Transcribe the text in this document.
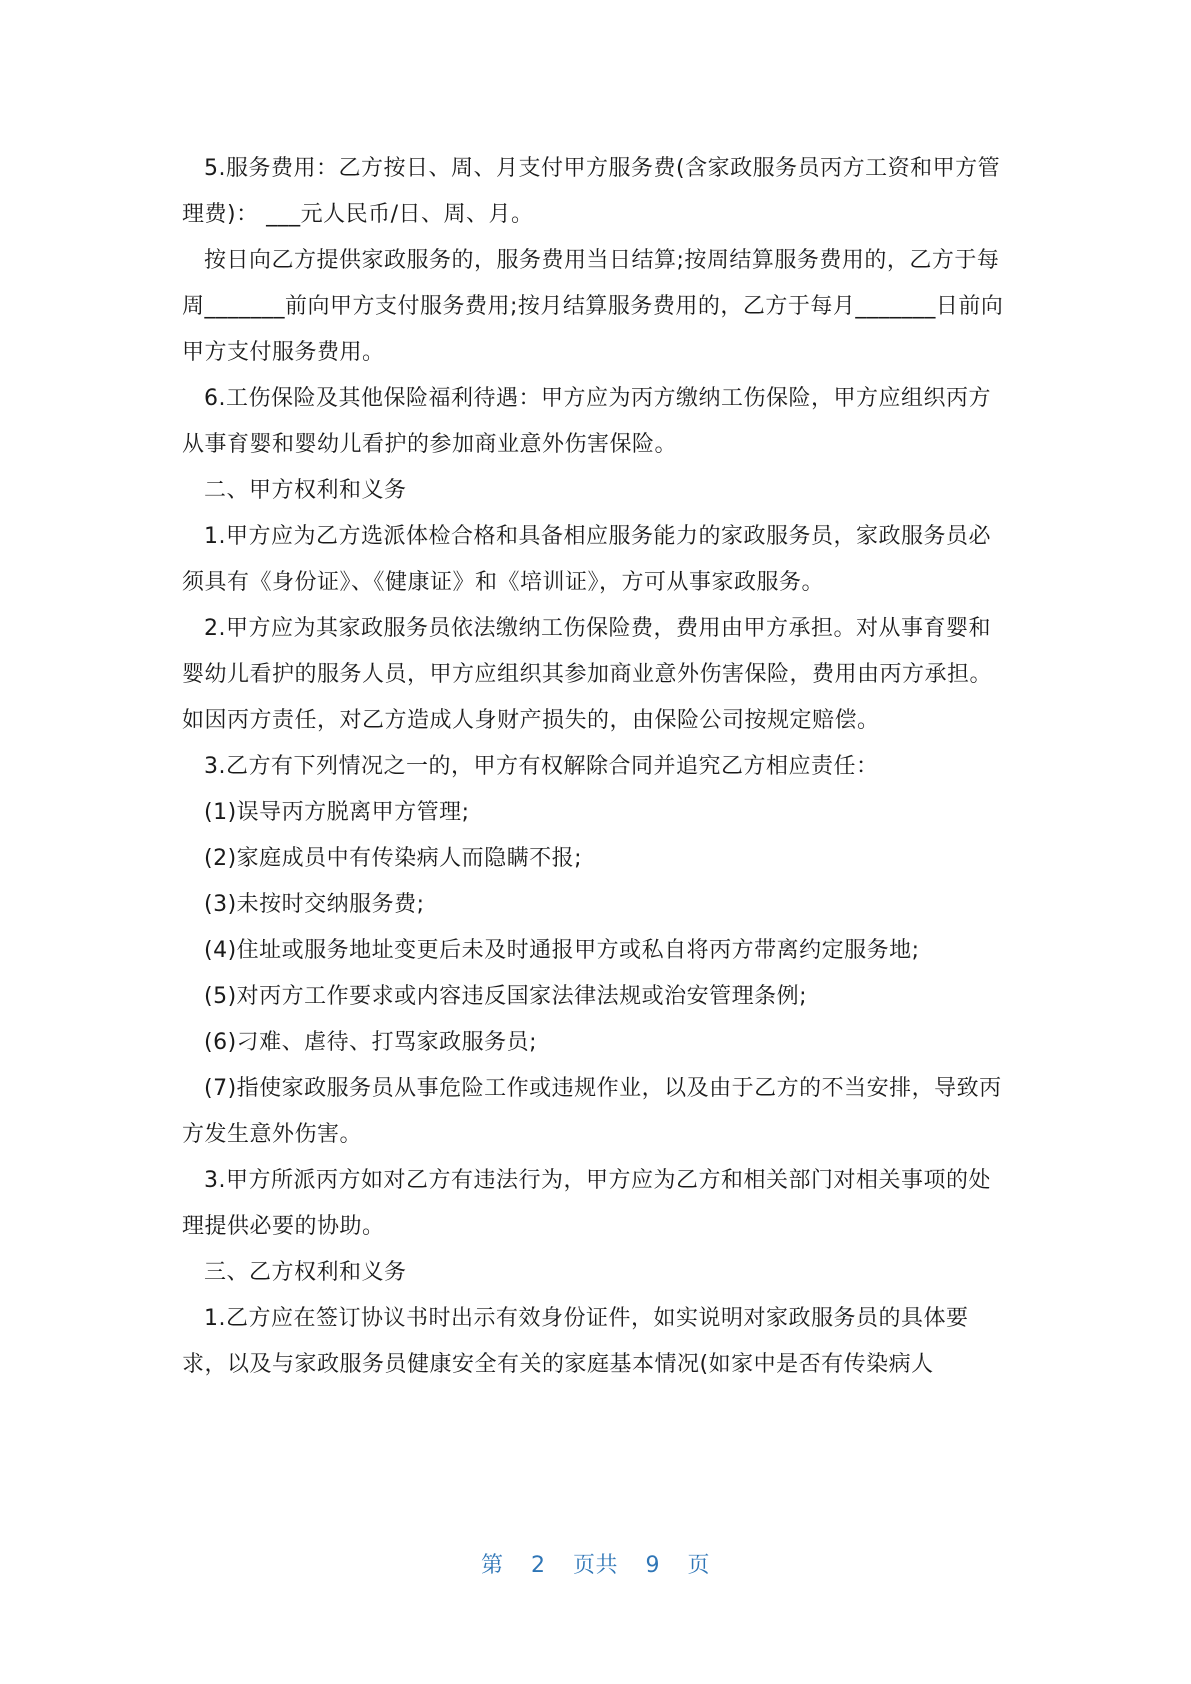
5.服务费用：乙方按日、周、月支付甲方服务费(含家政服务员丙方工资和甲方管理费)： ___元人民币/日、周、月。

按日向乙方提供家政服务的，服务费用当日结算;按周结算服务费用的，乙方于每周_______前向甲方支付服务费用;按月结算服务费用的，乙方于每月_______日前向甲方支付服务费用。

6.工伤保险及其他保险福利待遇：甲方应为丙方缴纳工伤保险，甲方应组织丙方从事育婴和婴幼儿看护的参加商业意外伤害保险。

二、甲方权利和义务

1.甲方应为乙方选派体检合格和具备相应服务能力的家政服务员，家政服务员必须具有《身份证》、《健康证》和《培训证》，方可从事家政服务。

2.甲方应为其家政服务员依法缴纳工伤保险费，费用由甲方承担。对从事育婴和婴幼儿看护的服务人员，甲方应组织其参加商业意外伤害保险，费用由丙方承担。如因丙方责任，对乙方造成人身财产损失的，由保险公司按规定赔偿。

3.乙方有下列情况之一的，甲方有权解除合同并追究乙方相应责任：

(1)误导丙方脱离甲方管理;

(2)家庭成员中有传染病人而隐瞒不报;

(3)未按时交纳服务费;

(4)住址或服务地址变更后未及时通报甲方或私自将丙方带离约定服务地;

(5)对丙方工作要求或内容违反国家法律法规或治安管理条例;

(6)刁难、虐待、打骂家政服务员;

(7)指使家政服务员从事危险工作或违规作业，以及由于乙方的不当安排，导致丙方发生意外伤害。

3.甲方所派丙方如对乙方有违法行为，甲方应为乙方和相关部门对相关事项的处理提供必要的协助。

三、乙方权利和义务

1.乙方应在签订协议书时出示有效身份证件，如实说明对家政服务员的具体要求，以及与家政服务员健康安全有关的家庭基本情况(如家中是否有传染病人

第 2 页共 9 页
